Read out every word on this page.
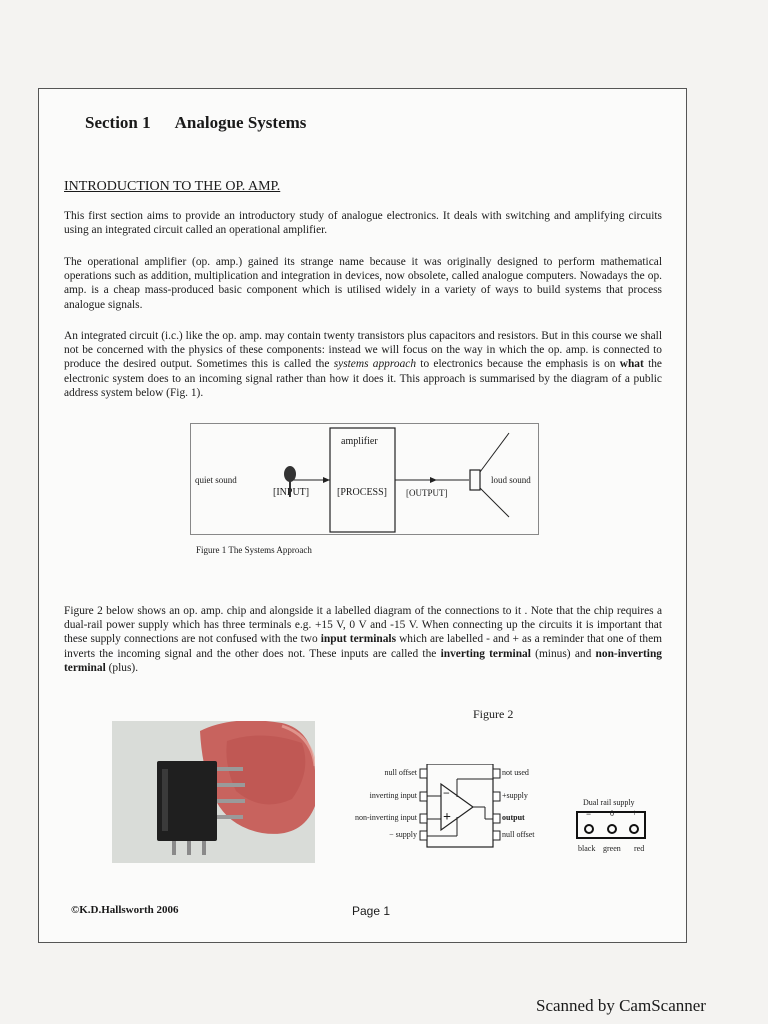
Section 1 Analogue Systems
INTRODUCTION TO THE OP. AMP.

This first section aims to provide an introductory study of analogue electronics. It deals with switching and amplifying circuits using an integrated circuit called an operational amplifier.

The operational amplifier (op. amp.) gained its strange name because it was originally designed to perform mathematical operations such as addition, multiplication and integration in devices, now obsolete, called analogue computers. Nowadays the op. amp. is a cheap mass-produced basic component which is utilised widely in a variety of ways to build systems that process analogue signals.

An integrated circuit (i.c.) like the op. amp. may contain twenty transistors plus capacitors and resistors. But in this course we shall not be concerned with the physics of these components: instead we will focus on the way in which the op. amp. is connected to produce the desired output. Sometimes this is called the systems approach to electronics because the emphasis is on what the electronic system does to an incoming signal rather than how it does it. This approach is summarised by the diagram of a public address system below (Fig. 1).

amplifier
quiet sound
[INPUT]	[PROCESS] [OUTPUT]
loud sound
Figure 1 The Systems Approach

Figure 2 below shows an op. amp. chip and alongside it a labelled diagram of the connections to it . Note that the chip requires a dual-rail power supply which has three terminals e.g. +15 V, 0 V and -15 V. When connecting up the circuits it is important that these supply connections are not confused with the two input terminals which are labelled - and + as a reminder that one of them inverts the incoming signal and the other does not. These inputs are called the inverting terminal (minus) and non-inverting terminal (plus).

Figure 2
−
+
null offset
inverting input
non-inverting input
− supply
not used
+supply
output
null offset
Dual rail supply
− 0 +
black green red
©K.D.Hallsworth 2006	Page 1
Scanned by CamScanner
